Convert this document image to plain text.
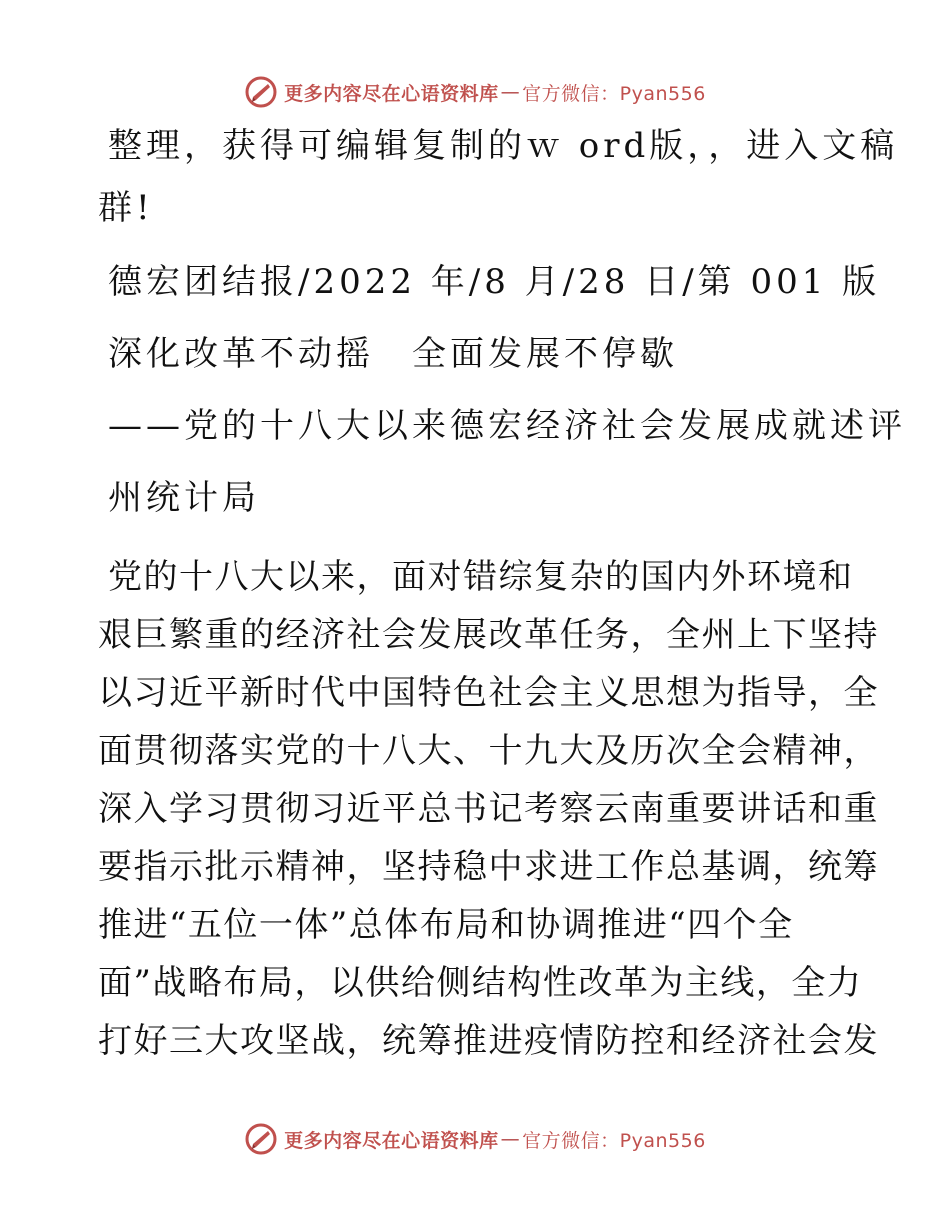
更多内容尽在心语资料库 — 官方微信：Pyan556
整理，获得可编辑复制的ｗ ord版，，进入文稿
群!
德宏团结报/2022 年/8 月/28 日/第 001 版
深化改革不动摇　全面发展不停歇
——党的十八大以来德宏经济社会发展成就述评
州统计局
党的十八大以来，面对错综复杂的国内外环境和
艰巨繁重的经济社会发展改革任务，全州上下坚持
以习近平新时代中国特色社会主义思想为指导，全
面贯彻落实党的十八大、十九大及历次全会精神，
深入学习贯彻习近平总书记考察云南重要讲话和重
要指示批示精神，坚持稳中求进工作总基调，统筹
推进“五位一体”总体布局和协调推进“四个全
面”战略布局，以供给侧结构性改革为主线，全力
打好三大攻坚战，统筹推进疫情防控和经济社会发
更多内容尽在心语资料库 — 官方微信：Pyan556
